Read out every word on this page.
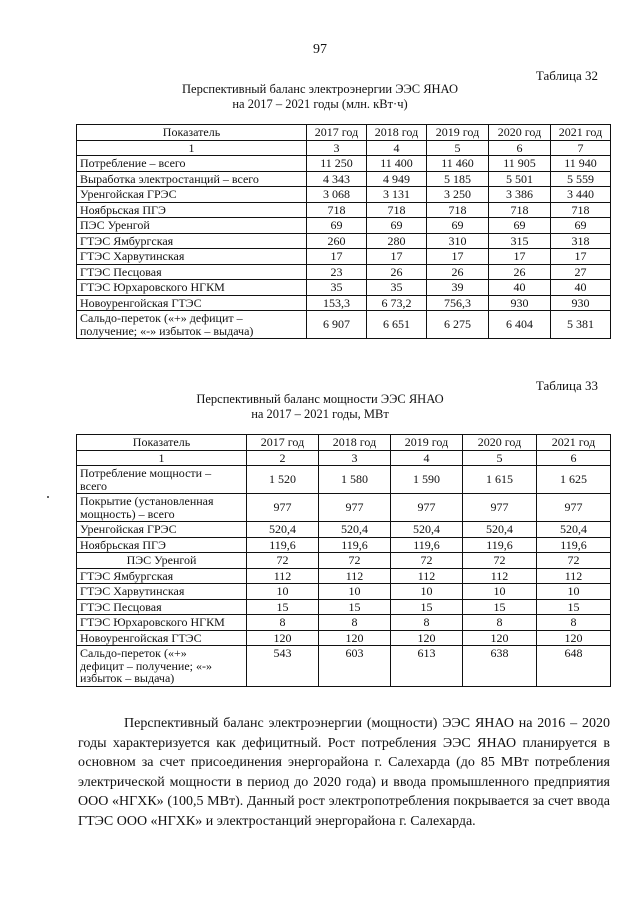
97
Таблица 32
Перспективный баланс электроэнергии ЭЭС ЯНАО
на 2017 – 2021 годы (млн. кВт·ч)
Показатель	2017 год	2018 год	2019 год	2020 год	2021 год
1	3	4	5	6	7
Потребление – всего	11 250	11 400	11 460	11 905	11 940
Выработка электростанций – всего	4 343	4 949	5 185	5 501	5 559
Уренгойская ГРЭС	3 068	3 131	3 250	3 386	3 440
Ноябрьская ПГЭ	718	718	718	718	718
ПЭС Уренгой	69	69	69	69	69
ГТЭС Ямбургская	260	280	310	315	318
ГТЭС Харвутинская	17	17	17	17	17
ГТЭС Песцовая	23	26	26	26	27
ГТЭС Юрхаровского НГКМ	35	35	39	40	40
Новоуренгойская ГТЭС	153,3	6 73,2	756,3	930	930

Сальдо-переток («+» дефицит –
получение; «-» избыток – выдача)	6 907	6 651	6 275	6 404	5 381
Таблица 33
Перспективный баланс мощности ЭЭС ЯНАО
на 2017 – 2021 годы, МВт
Показатель	2017 год	2018 год	2019 год	2020 год	2021 год
1	2	3	4	5	6

Потребление мощности –
всего	1 520	1 580	1 590	1 615	1 625

Покрытие (установленная
мощность) – всего	977	977	977	977	977
Уренгойская ГРЭС	520,4	520,4	520,4	520,4	520,4
Ноябрьская ПГЭ	119,6	119,6	119,6	119,6	119,6
ПЭС Уренгой	72	72	72	72	72
ГТЭС Ямбургская	112	112	112	112	112
ГТЭС Харвутинская	10	10	10	10	10
ГТЭС Песцовая	15	15	15	15	15
ГТЭС Юрхаровского НГКМ	8	8	8	8	8
Новоуренгойская ГТЭС	120	120	120	120	120

Сальдо-переток («+»
дефицит – получение; «-»
избыток – выдача)	543	603	613	638	648
Перспективный баланс электроэнергии (мощности) ЭЭС ЯНАО на 2016 – 2020 годы характеризуется как дефицитный. Рост потребления ЭЭС ЯНАО планируется в основном за счет присоединения энергорайона г. Салехарда (до 85 МВт потребления электрической мощности в период до 2020 года) и ввода промышленного предприятия ООО «НГХК» (100,5 МВт). Данный рост электропотребления покрывается за счет ввода ГТЭС ООО «НГХК» и электростанций энергорайона г. Салехарда.
